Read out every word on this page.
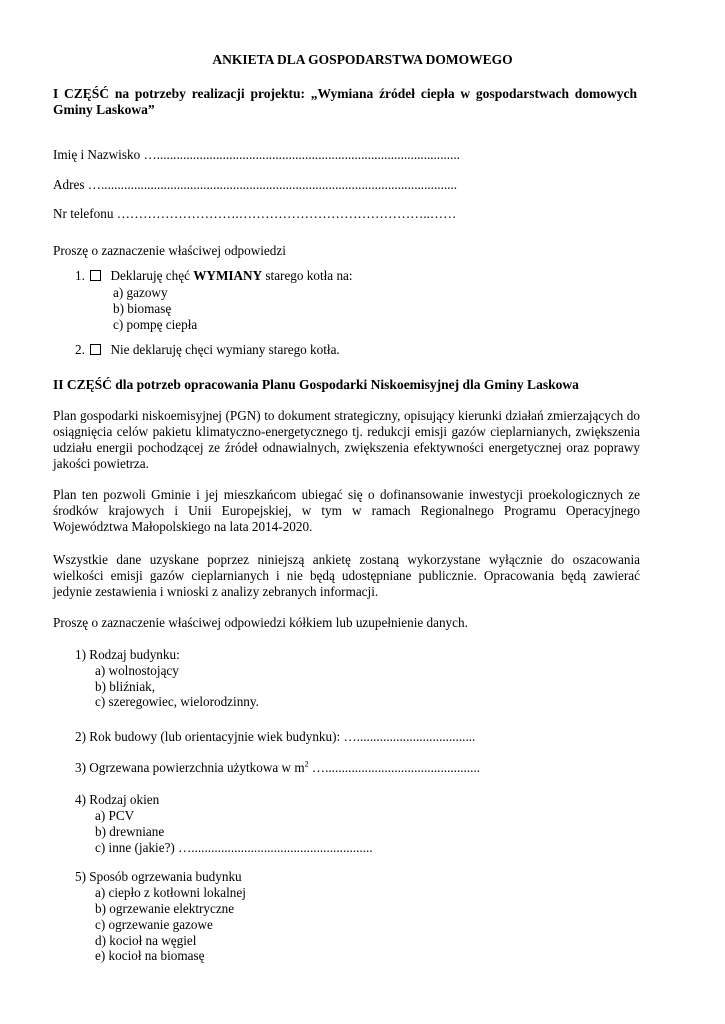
ANKIETA DLA GOSPODARSTWA DOMOWEGO
I CZĘŚĆ na potrzeby realizacji projektu: „Wymiana źródeł ciepła w gospodarstwach domowych Gminy Laskowa”
Imię i Nazwisko …............................................................................................
Adres …............................................................................................................
Nr telefonu ……………………….……………………………………..……
Proszę o zaznaczenie właściwej odpowiedzi
1. Deklaruję chęć WYMIANY starego kotła na:
a) gazowy
b) biomasę
c) pompę ciepła
2. Nie deklaruję chęci wymiany starego kotła.
II CZĘŚĆ dla potrzeb opracowania Planu Gospodarki Niskoemisyjnej dla Gminy Laskowa
Plan gospodarki niskoemisyjnej (PGN) to dokument strategiczny, opisujący kierunki działań zmierzających do osiągnięcia celów pakietu klimatyczno-energetycznego tj. redukcji emisji gazów cieplarnianych, zwiększenia udziału energii pochodzącej ze źródeł odnawialnych, zwiększenia efektywności energetycznej oraz poprawy jakości powietrza.
Plan ten pozwoli Gminie i jej mieszkańcom ubiegać się o dofinansowanie inwestycji proekologicznych ze środków krajowych i Unii Europejskiej, w tym w ramach Regionalnego Programu Operacyjnego Województwa Małopolskiego na lata 2014-2020.
Wszystkie dane uzyskane poprzez niniejszą ankietę zostaną wykorzystane wyłącznie do oszacowania wielkości emisji gazów cieplarnianych i nie będą udostępniane publicznie. Opracowania będą zawierać jedynie zestawienia i wnioski z analizy zebranych informacji.
Proszę o zaznaczenie właściwej odpowiedzi kółkiem lub uzupełnienie danych.
1) Rodzaj budynku:
a) wolnostojący
b) bliźniak,
c) szeregowiec, wielorodzinny.
2) Rok budowy (lub orientacyjnie wiek budynku): …....................................
3) Ogrzewana powierzchnia użytkowa w $m^2$ …...............................................
4) Rodzaj okien
a) PCV
b) drewniane
c) inne (jakie?) ….......................................................
5) Sposób ogrzewania budynku
a) ciepło z kotłowni lokalnej
b) ogrzewanie elektryczne
c) ogrzewanie gazowe
d) kocioł na węgiel
e) kocioł na biomasę
